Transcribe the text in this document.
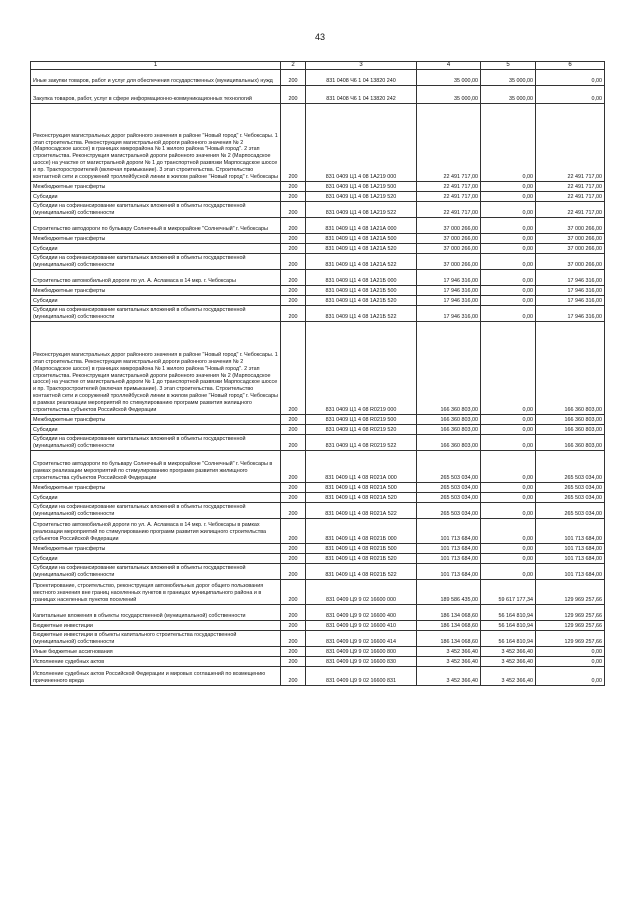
43
1	2	3	4	5	6
Иные закупки товаров, работ и услуг для обеспечения государственных (муниципальных) нужд	200	831 0408 Ч6 1 04 13820 240	35 000,00	35 000,00	0,00
Закупка товаров, работ, услуг в сфере информационно-коммуникационных технологий	200	831 0408 Ч6 1 04 13820 242	35 000,00	35 000,00	0,00
Реконструкция магистральных дорог районного значения в районе "Новый город" г. Чебоксары. 1 этап строительства. Реконструкция магистральной дороги районного значения № 2 (Марпосадское шоссе) в границах микрорайона № 1 жилого района "Новый город". 2 этап строительства. Реконструкция магистральной дороги районного значения № 2 (Марпосадское шоссе) на участке от магистральной дороги № 1 до транспортной развязки Марпосадское шоссе и пр. Тракторостроителей (включая примыкание). 3 этап строительства. Строительство контактной сети и сооружений троллейбусной линии в жилом районе "Новый город" г. Чебоксары	200	831 0409 Ц1 4 08 1А219 000	22 491 717,00	0,00	22 491 717,00
Межбюджетные трансферты	200	831 0409 Ц1 4 08 1А219 500	22 491 717,00	0,00	22 491 717,00
Субсидии	200	831 0409 Ц1 4 08 1А219 520	22 491 717,00	0,00	22 491 717,00
Субсидии на софинансирование капитальных вложений в объекты государственной (муниципальной) собственности	200	831 0409 Ц1 4 08 1А219 522	22 491 717,00	0,00	22 491 717,00
Строительство автодороги по бульвару Солнечный в микрорайоне "Солнечный" г. Чебоксары	200	831 0409 Ц1 4 08 1А21А 000	37 000 266,00	0,00	37 000 266,00
Межбюджетные трансферты	200	831 0409 Ц1 4 08 1А21А 500	37 000 266,00	0,00	37 000 266,00
Субсидии	200	831 0409 Ц1 4 08 1А21А 520	37 000 266,00	0,00	37 000 266,00
Субсидии на софинансирование капитальных вложений в объекты государственной (муниципальной) собственности	200	831 0409 Ц1 4 08 1А21А 522	37 000 266,00	0,00	37 000 266,00
Строительство автомобильной дороги по ул. А. Асламаса в 14 мкр. г. Чебоксары	200	831 0409 Ц1 4 08 1А21Б 000	17 946 316,00	0,00	17 946 316,00
Межбюджетные трансферты	200	831 0409 Ц1 4 08 1А21Б 500	17 946 316,00	0,00	17 946 316,00
Субсидии	200	831 0409 Ц1 4 08 1А21Б 520	17 946 316,00	0,00	17 946 316,00
Субсидии на софинансирование капитальных вложений в объекты государственной (муниципальной) собственности	200	831 0409 Ц1 4 08 1А21Б 522	17 946 316,00	0,00	17 946 316,00
Реконструкция магистральных дорог районного значения в районе "Новый город" г. Чебоксары. 1 этап строительства. Реконструкция магистральной дороги районного значения № 2 (Марпосадское шоссе) в границах микрорайона № 1 жилого района "Новый город". 2 этап строительства. Реконструкция магистральной дороги районного значения № 2 (Марпосадское шоссе) на участке от магистральной дороги № 1 до транспортной развязки Марпосадское шоссе и пр. Тракторостроителей (включая примыкание). 3 этап строительства. Строительство контактной сети и сооружений троллейбусной линии в жилом районе "Новый город" г. Чебоксары в рамках реализации мероприятий по стимулированию программ развития жилищного строительства субъектов Российской Федерации	200	831 0409 Ц1 4 08 R0219 000	166 360 803,00	0,00	166 360 803,00
Межбюджетные трансферты	200	831 0409 Ц1 4 08 R0219 500	166 360 803,00	0,00	166 360 803,00
Субсидии	200	831 0409 Ц1 4 08 R0219 520	166 360 803,00	0,00	166 360 803,00
Субсидии на софинансирование капитальных вложений в объекты государственной (муниципальной) собственности	200	831 0409 Ц1 4 08 R0219 522	166 360 803,00	0,00	166 360 803,00
Строительство автодороги по бульвару Солнечный в микрорайоне "Солнечный" г. Чебоксары в рамках реализации мероприятий по стимулированию программ развития жилищного строительства субъектов Российской Федерации	200	831 0409 Ц1 4 08 R021А 000	265 503 034,00	0,00	265 503 034,00
Межбюджетные трансферты	200	831 0409 Ц1 4 08 R021А 500	265 503 034,00	0,00	265 503 034,00
Субсидии	200	831 0409 Ц1 4 08 R021А 520	265 503 034,00	0,00	265 503 034,00
Субсидии на софинансирование капитальных вложений в объекты государственной (муниципальной) собственности	200	831 0409 Ц1 4 08 R021А 522	265 503 034,00	0,00	265 503 034,00
Строительство автомобильной дороги по ул. А. Асламаса в 14 мкр. г. Чебоксары в рамках реализации мероприятий по стимулированию программ развития жилищного строительства субъектов Российской Федерации	200	831 0409 Ц1 4 08 R021Б 000	101 713 684,00	0,00	101 713 684,00
Межбюджетные трансферты	200	831 0409 Ц1 4 08 R021Б 500	101 713 684,00	0,00	101 713 684,00
Субсидии	200	831 0409 Ц1 4 08 R021Б 520	101 713 684,00	0,00	101 713 684,00
Субсидии на софинансирование капитальных вложений в объекты государственной (муниципальной) собственности	200	831 0409 Ц1 4 08 R021Б 522	101 713 684,00	0,00	101 713 684,00
Проектирование, строительство, реконструкция автомобильных дорог общего пользования местного значения вне границ населенных пунктов в границах муниципального района и в границах населенных пунктов поселений	200	831 0409 Ц9 9 02 16600 000	189 586 435,00	59 617 177,34	129 969 257,66
Капитальные вложения в объекты государственной (муниципальной) собственности	200	831 0409 Ц9 9 02 16600 400	186 134 068,60	56 164 810,94	129 969 257,66
Бюджетные инвестиции	200	831 0409 Ц9 9 02 16600 410	186 134 068,60	56 164 810,94	129 969 257,66
Бюджетные инвестиции в объекты капитального строительства государственной (муниципальной) собственности	200	831 0409 Ц9 9 02 16600 414	186 134 068,60	56 164 810,94	129 969 257,66
Иные бюджетные ассигнования	200	831 0409 Ц9 9 02 16600 800	3 452 366,40	3 452 366,40	0,00
Исполнение судебных актов	200	831 0409 Ц9 9 02 16600 830	3 452 366,40	3 452 366,40	0,00
Исполнение судебных актов Российской Федерации и мировых соглашений по возмещению причиненного вреда	200	831 0409 Ц9 9 02 16600 831	3 452 366,40	3 452 366,40	0,00
